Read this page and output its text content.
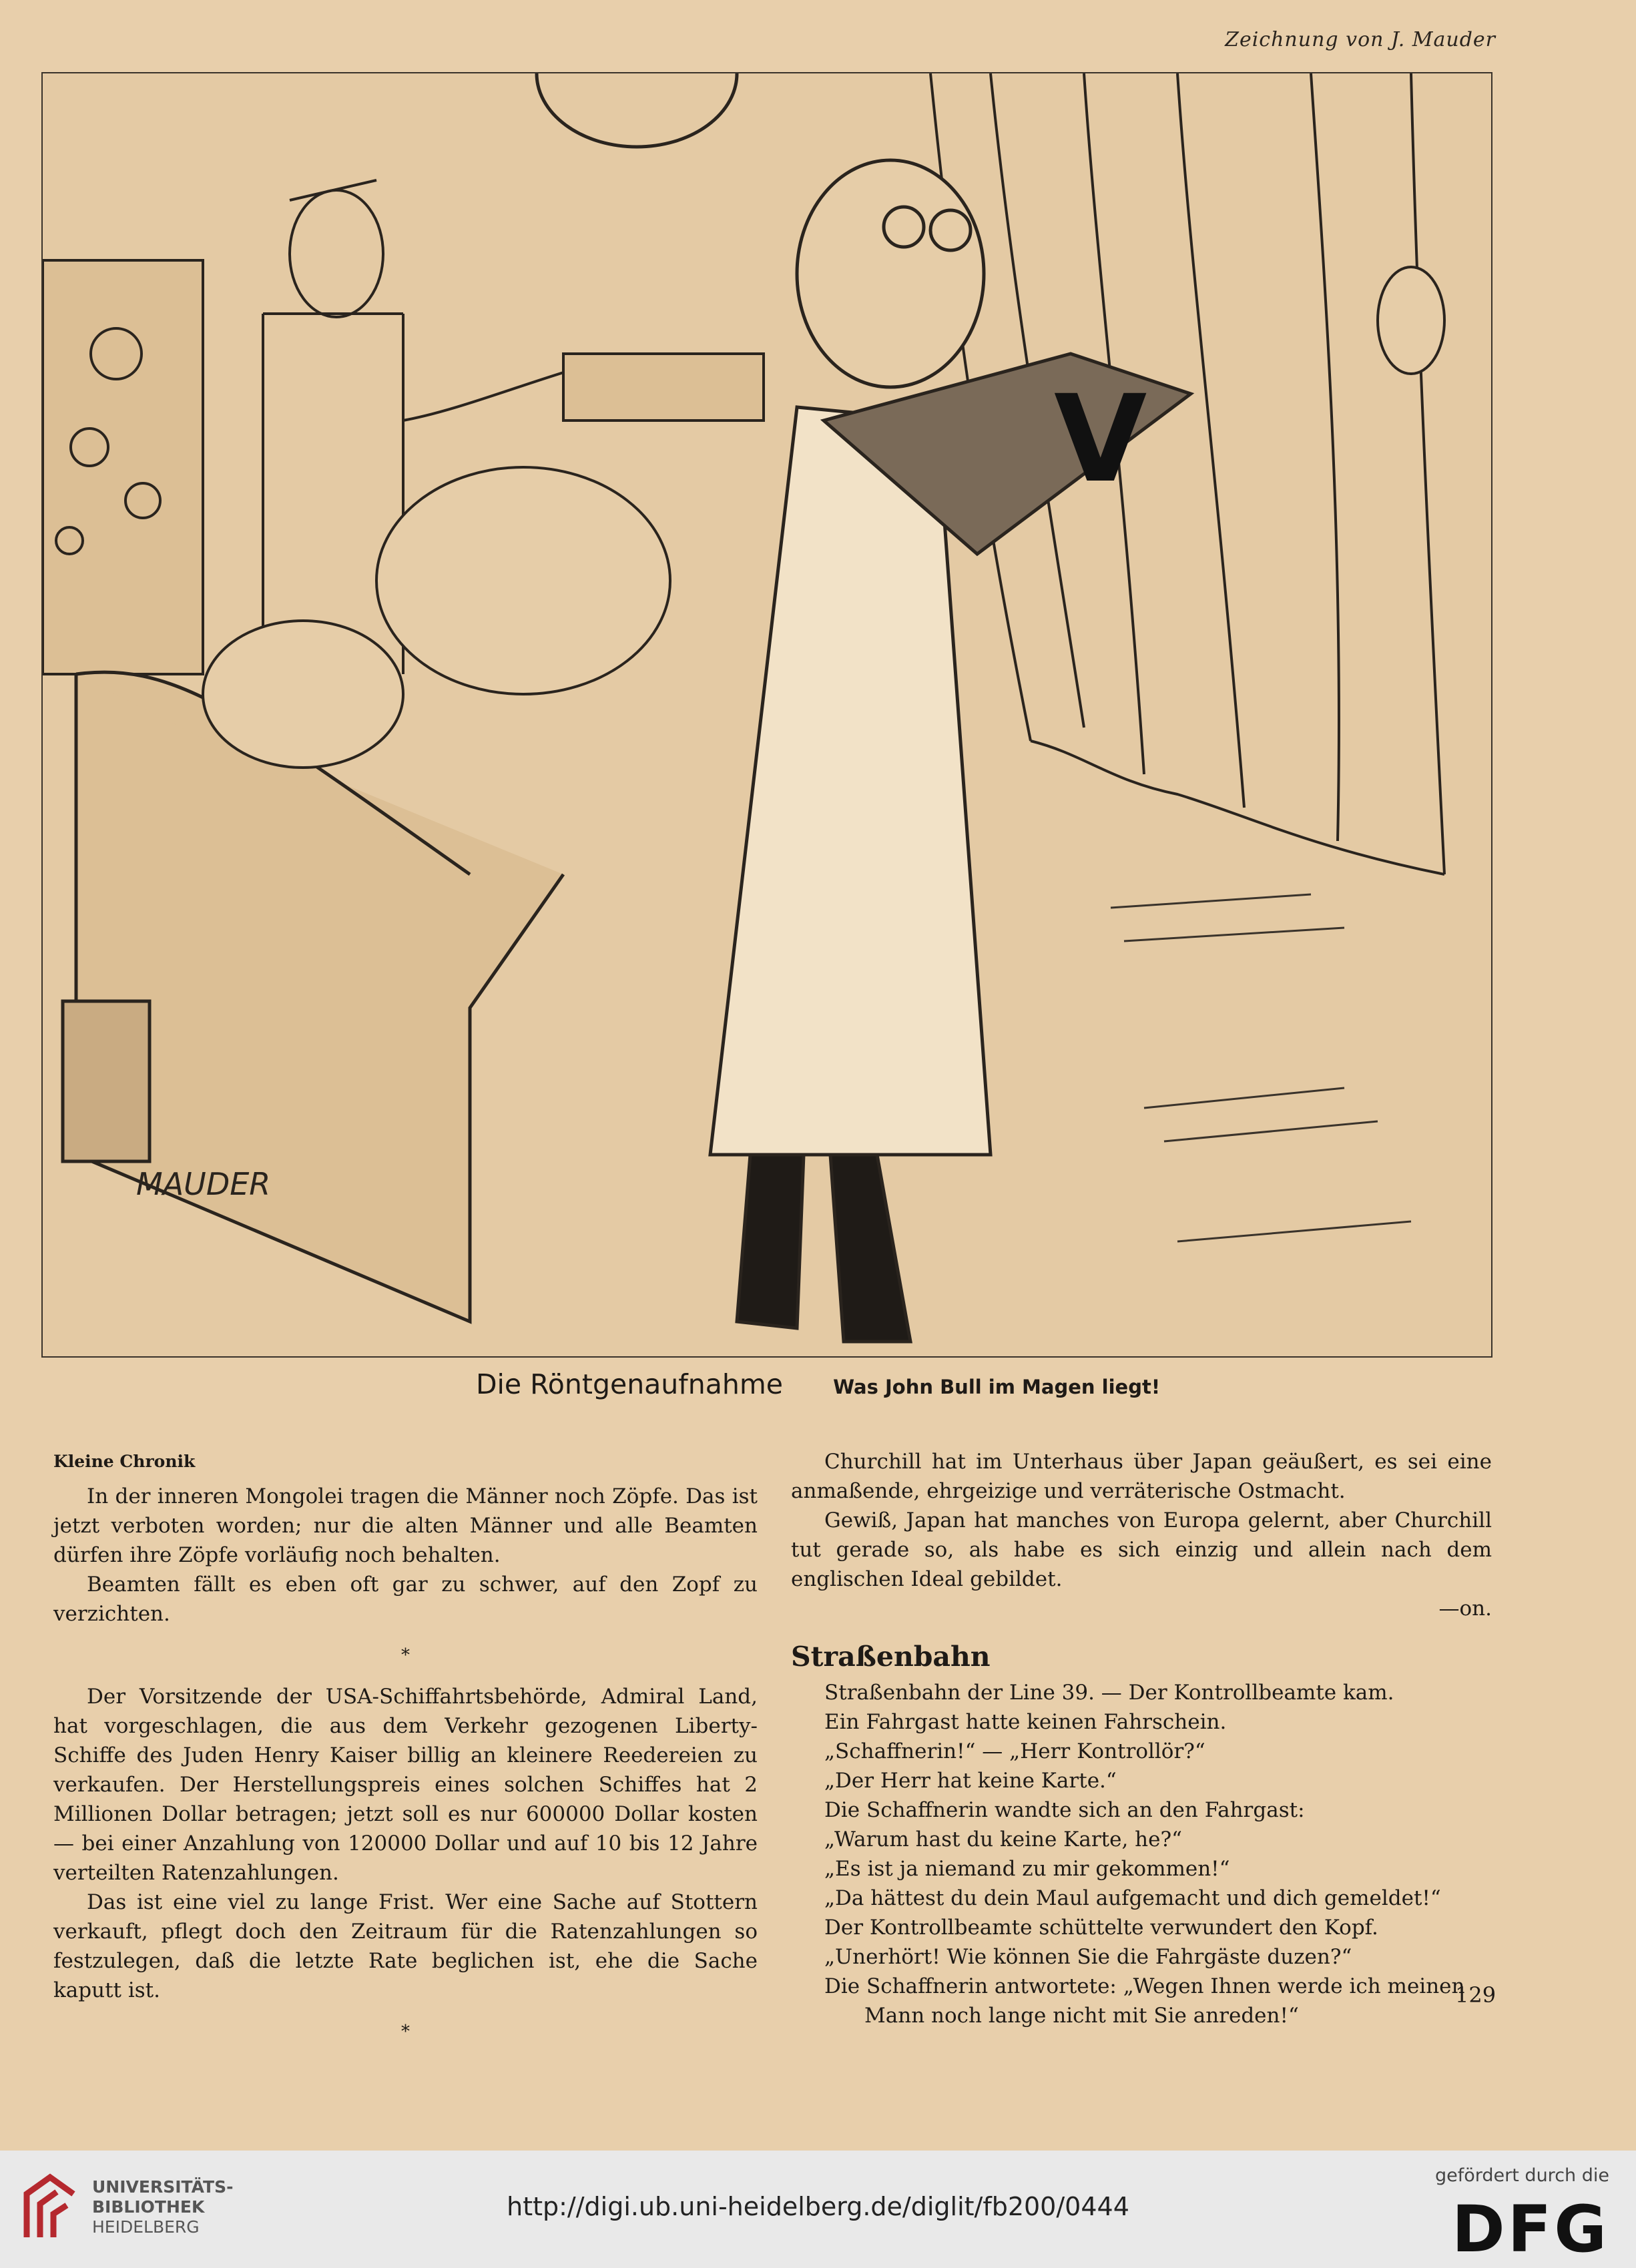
Zeichnung von J. Mauder
V
MAUDER
Die Röntgenaufnahme	Was John Bull im Magen liegt!
Kleine Chronik

In der inneren Mongolei tragen die Männer noch Zöpfe. Das ist jetzt verboten worden; nur die alten Männer und alle Beamten dürfen ihre Zöpfe vorläufig noch behalten.

Beamten fällt es eben oft gar zu schwer, auf den Zopf zu verzichten.

*

Der Vorsitzende der USA-Schiffahrtsbehörde, Admiral Land, hat vorgeschlagen, die aus dem Verkehr gezogenen Liberty-Schiffe des Juden Henry Kaiser billig an kleinere Reedereien zu verkaufen. Der Herstellungspreis eines solchen Schiffes hat 2 Millionen Dollar betragen; jetzt soll es nur 600000 Dollar kosten — bei einer Anzahlung von 120000 Dollar und auf 10 bis 12 Jahre verteilten Ratenzahlungen.

Das ist eine viel zu lange Frist. Wer eine Sache auf Stottern verkauft, pflegt doch den Zeitraum für die Ratenzahlungen so festzulegen, daß die letzte Rate beglichen ist, ehe die Sache kaputt ist.

*

Churchill hat im Unterhaus über Japan geäußert, es sei eine anmaßende, ehrgeizige und verräterische Ostmacht.

Gewiß, Japan hat manches von Europa gelernt, aber Churchill tut gerade so, als habe es sich einzig und allein nach dem englischen Ideal gebildet.

—on.
Straßenbahn
Straßenbahn der Line 39. — Der Kontrollbeamte kam.
Ein Fahrgast hatte keinen Fahrschein.
„Schaffnerin!“ — „Herr Kontrollör?“
„Der Herr hat keine Karte.“
Die Schaffnerin wandte sich an den Fahrgast:
„Warum hast du keine Karte, he?“
„Es ist ja niemand zu mir gekommen!“
„Da hättest du dein Maul aufgemacht und dich gemeldet!“
Der Kontrollbeamte schüttelte verwundert den Kopf.
„Unerhört! Wie können Sie die Fahrgäste duzen?“
Die Schaffnerin antwortete: „Wegen Ihnen werde ich meinen
Mann noch lange nicht mit Sie anreden!“
129
UNIVERSITÄTS-
BIBLIOTHEK
HEIDELBERG
http://digi.ub.uni-heidelberg.de/diglit/fb200/0444
gefördert durch die
DFG
